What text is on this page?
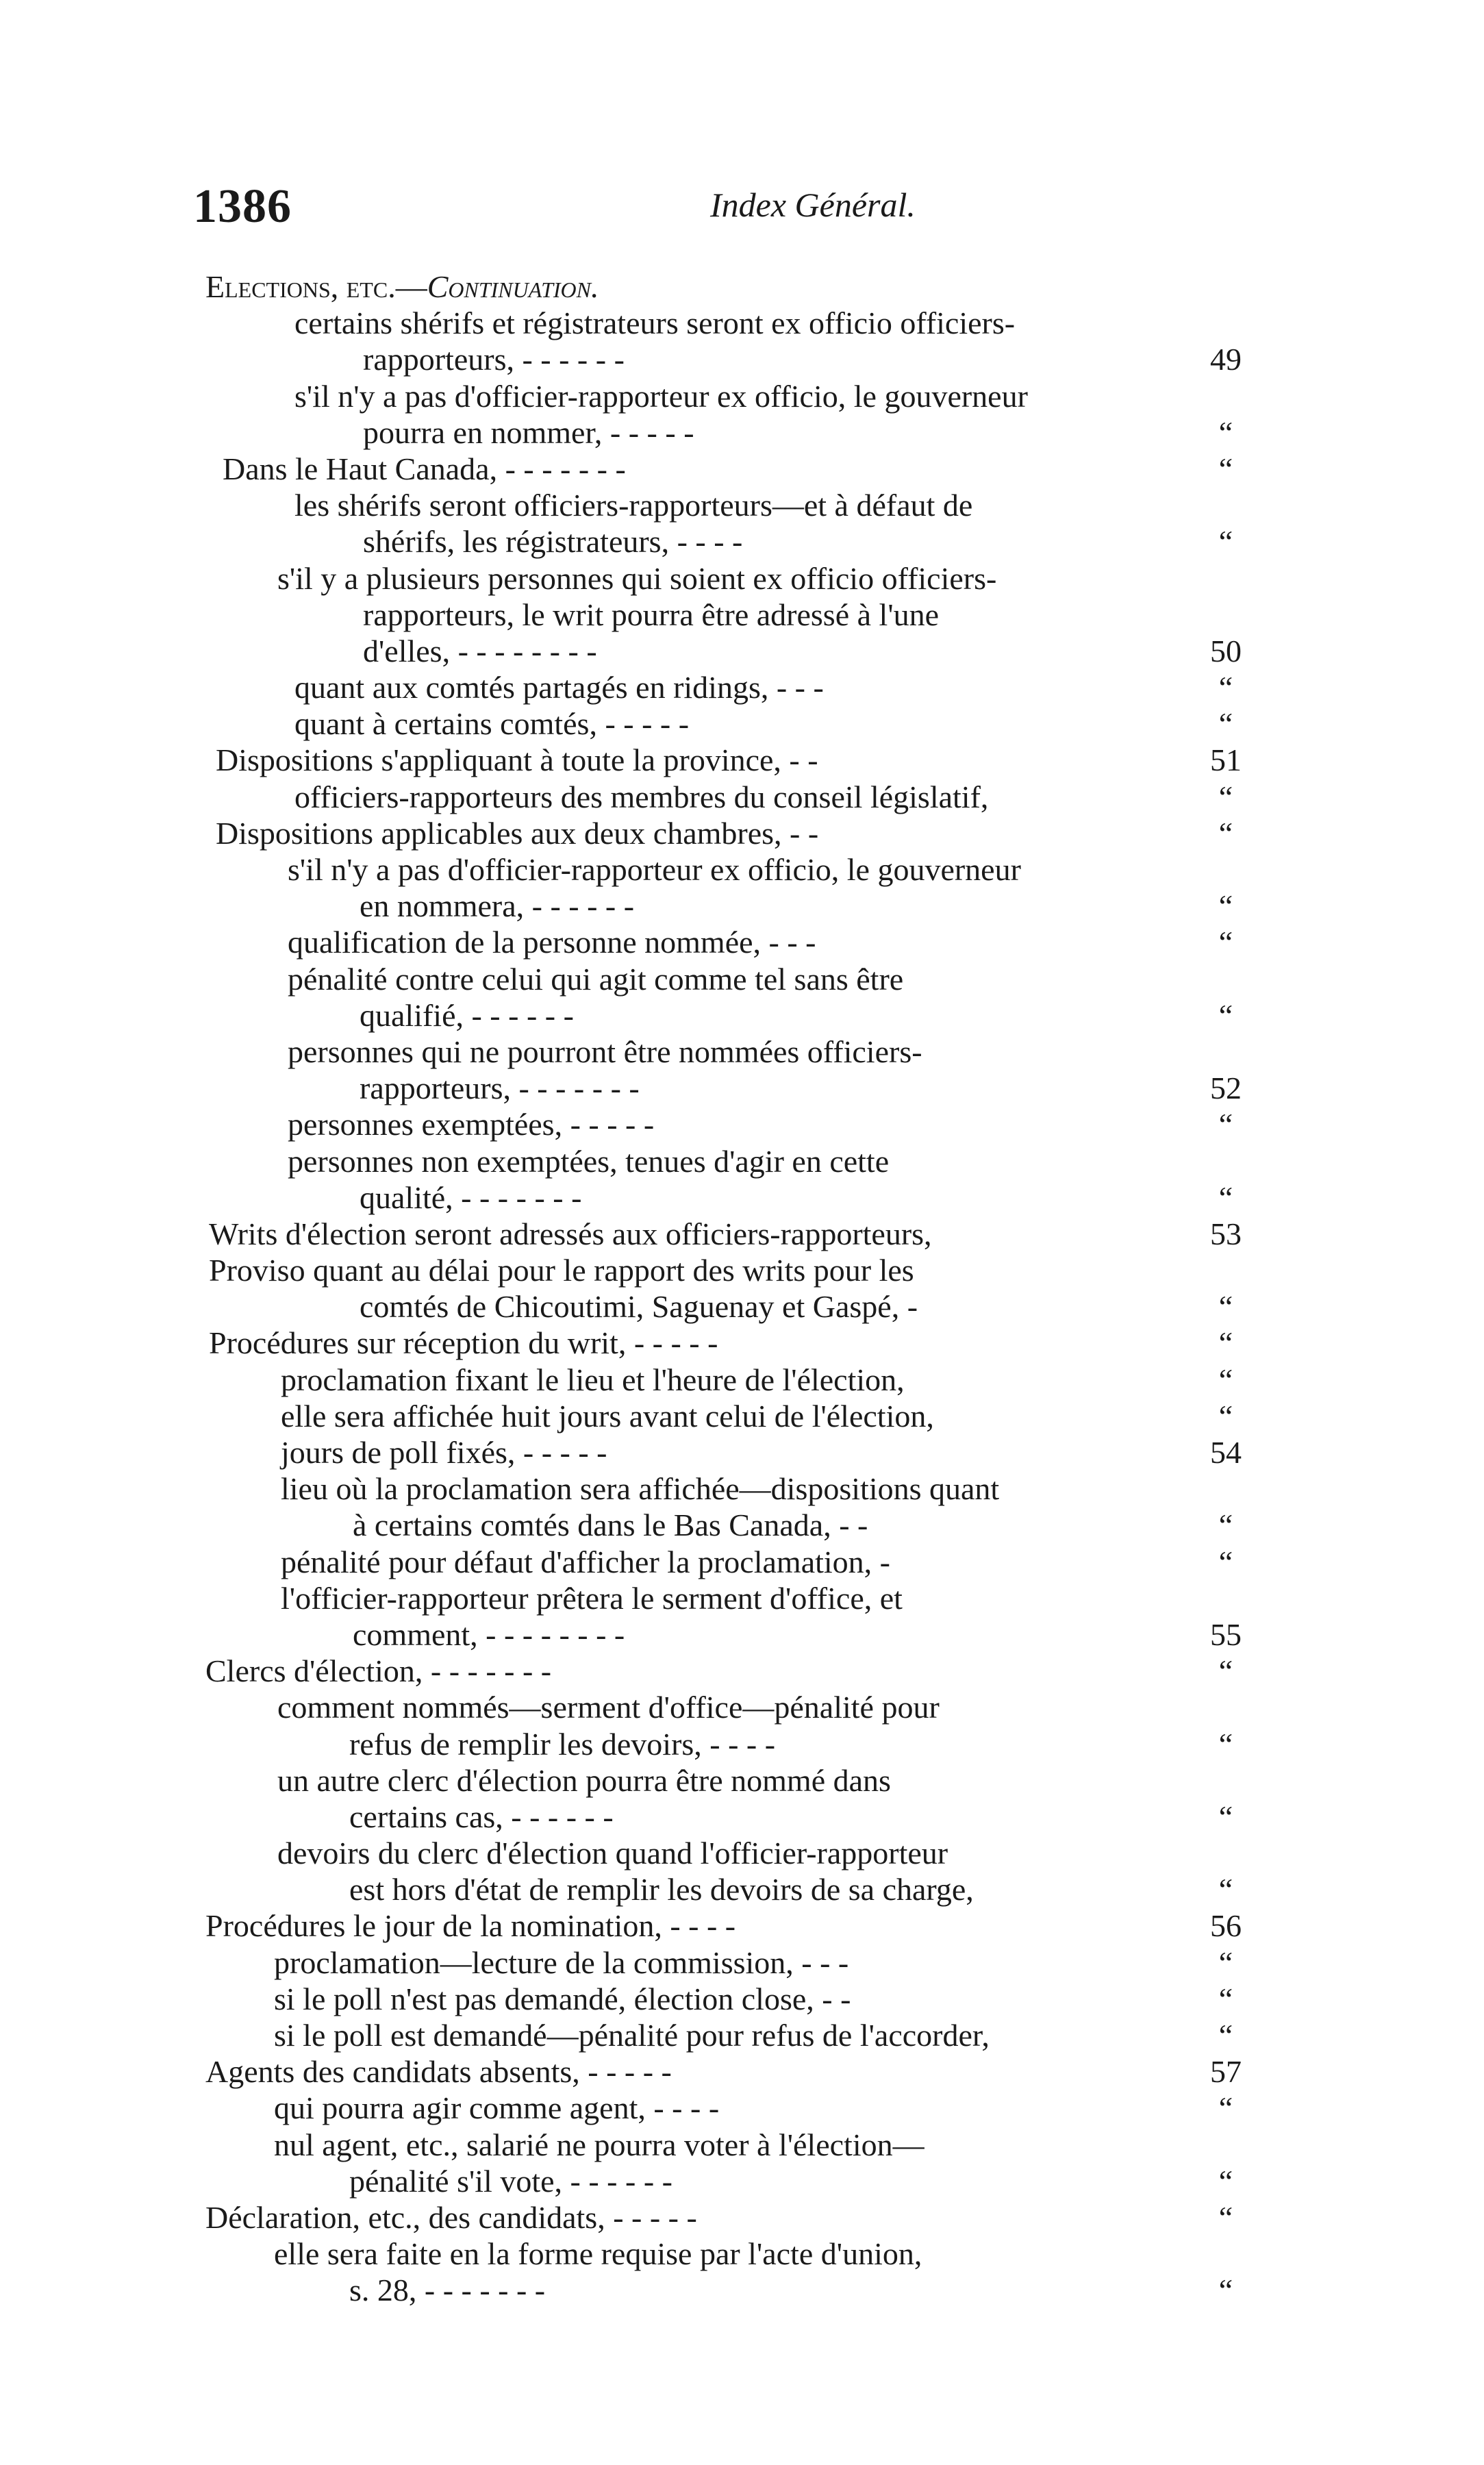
1386	Index Général.
Elections, etc.—Continuation.
certains shérifs et régistrateurs seront ex officio officiers-
rapporteurs, - - - - - -	49
s'il n'y a pas d'officier-rapporteur ex officio, le gouverneur
pourra en nommer, - - - - -	“
Dans le Haut Canada, - - - - - - -	“
les shérifs seront officiers-rapporteurs—et à défaut de
shérifs, les régistrateurs, - - - -	“
s'il y a plusieurs personnes qui soient ex officio officiers-
rapporteurs, le writ pourra être adressé à l'une
d'elles, - - - - - - - -	50
quant aux comtés partagés en ridings, - - -	“
quant à certains comtés, - - - - -	“
Dispositions s'appliquant à toute la province, - -	51
officiers-rapporteurs des membres du conseil législatif,	“
Dispositions applicables aux deux chambres, - -	“
s'il n'y a pas d'officier-rapporteur ex officio, le gouverneur
en nommera, - - - - - -	“
qualification de la personne nommée, - - -	“
pénalité contre celui qui agit comme tel sans être
qualifié, - - - - - -	“
personnes qui ne pourront être nommées officiers-
rapporteurs, - - - - - - -	52
personnes exemptées, - - - - -	“
personnes non exemptées, tenues d'agir en cette
qualité, - - - - - - -	“
Writs d'élection seront adressés aux officiers-rapporteurs,	53
Proviso quant au délai pour le rapport des writs pour les
comtés de Chicoutimi, Saguenay et Gaspé, -	“
Procédures sur réception du writ, - - - - -	“
proclamation fixant le lieu et l'heure de l'élection,	“
elle sera affichée huit jours avant celui de l'élection,	“
jours de poll fixés, - - - - -	54
lieu où la proclamation sera affichée—dispositions quant
à certains comtés dans le Bas Canada, - -	“
pénalité pour défaut d'afficher la proclamation, -	“
l'officier-rapporteur prêtera le serment d'office, et
comment, - - - - - - - -	55
Clercs d'élection, - - - - - - -	“
comment nommés—serment d'office—pénalité pour
refus de remplir les devoirs, - - - -	“
un autre clerc d'élection pourra être nommé dans
certains cas, - - - - - -	“
devoirs du clerc d'élection quand l'officier-rapporteur
est hors d'état de remplir les devoirs de sa charge,	“
Procédures le jour de la nomination, - - - -	56
proclamation—lecture de la commission, - - -	“
si le poll n'est pas demandé, élection close, - -	“
si le poll est demandé—pénalité pour refus de l'accorder,	“
Agents des candidats absents, - - - - -	57
qui pourra agir comme agent, - - - -	“
nul agent, etc., salarié ne pourra voter à l'élection—
pénalité s'il vote, - - - - - -	“
Déclaration, etc., des candidats, - - - - -	“
elle sera faite en la forme requise par l'acte d'union,
s. 28, - - - - - - -	“
